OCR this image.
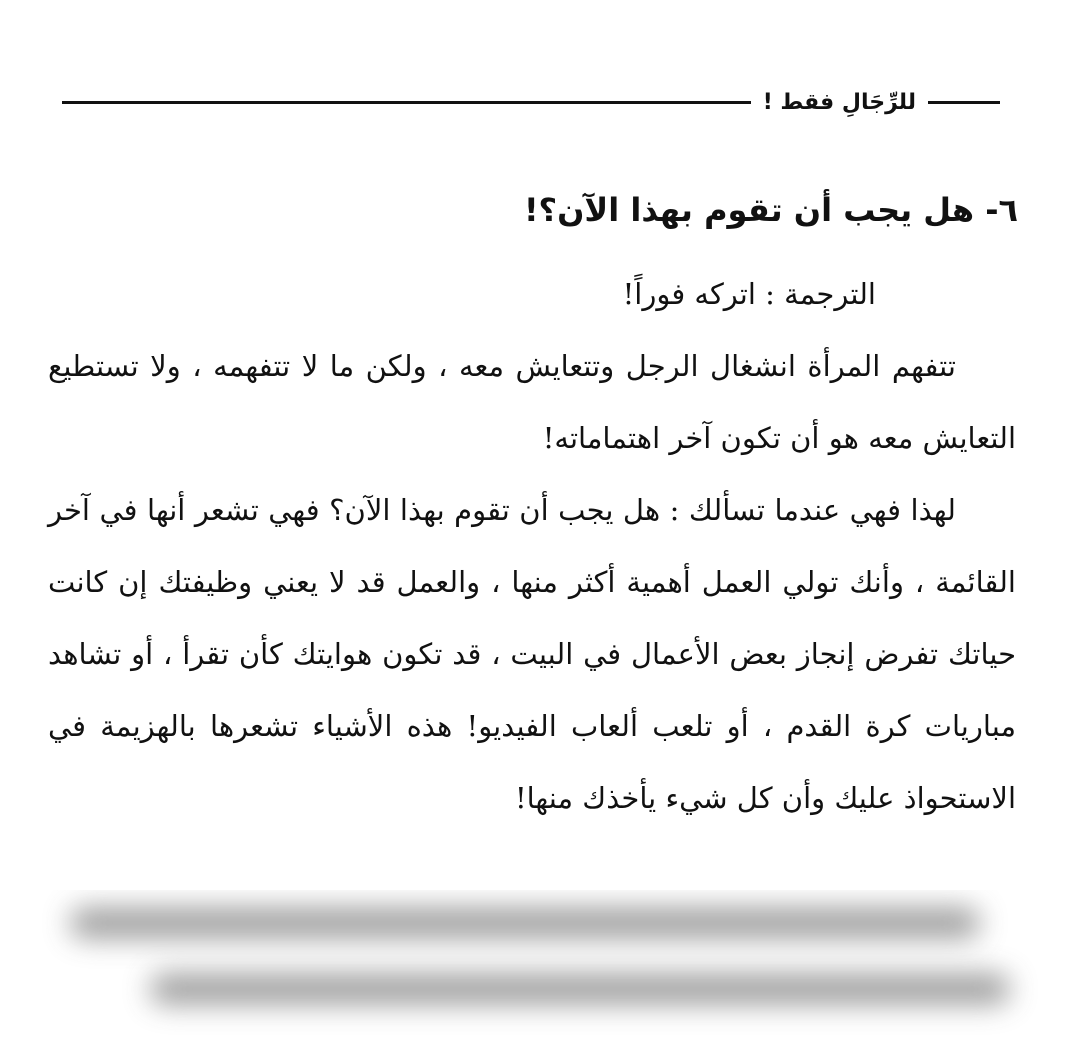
للرِّجَالِ فقط !
٦- هل يجب أن تقوم بهذا الآن؟!

الترجمة : اتركه فوراً!

تتفهم المرأة انشغال الرجل وتتعايش معه ، ولكن ما لا تتفهمه ، ولا تستطيع التعايش معه هو أن تكون آخر اهتماماته!

لهذا فهي عندما تسألك : هل يجب أن تقوم بهذا الآن؟ فهي تشعر أنها في آخر القائمة ، وأنك تولي العمل أهمية أكثر منها ، والعمل قد لا يعني وظيفتك إن كانت حياتك تفرض إنجاز بعض الأعمال في البيت ، قد تكون هوايتك كأن تقرأ ، أو تشاهد مباريات كرة القدم ، أو تلعب ألعاب الفيديو! هذه الأشياء تشعرها بالهزيمة في الاستحواذ عليك وأن كل شيء يأخذك منها!
